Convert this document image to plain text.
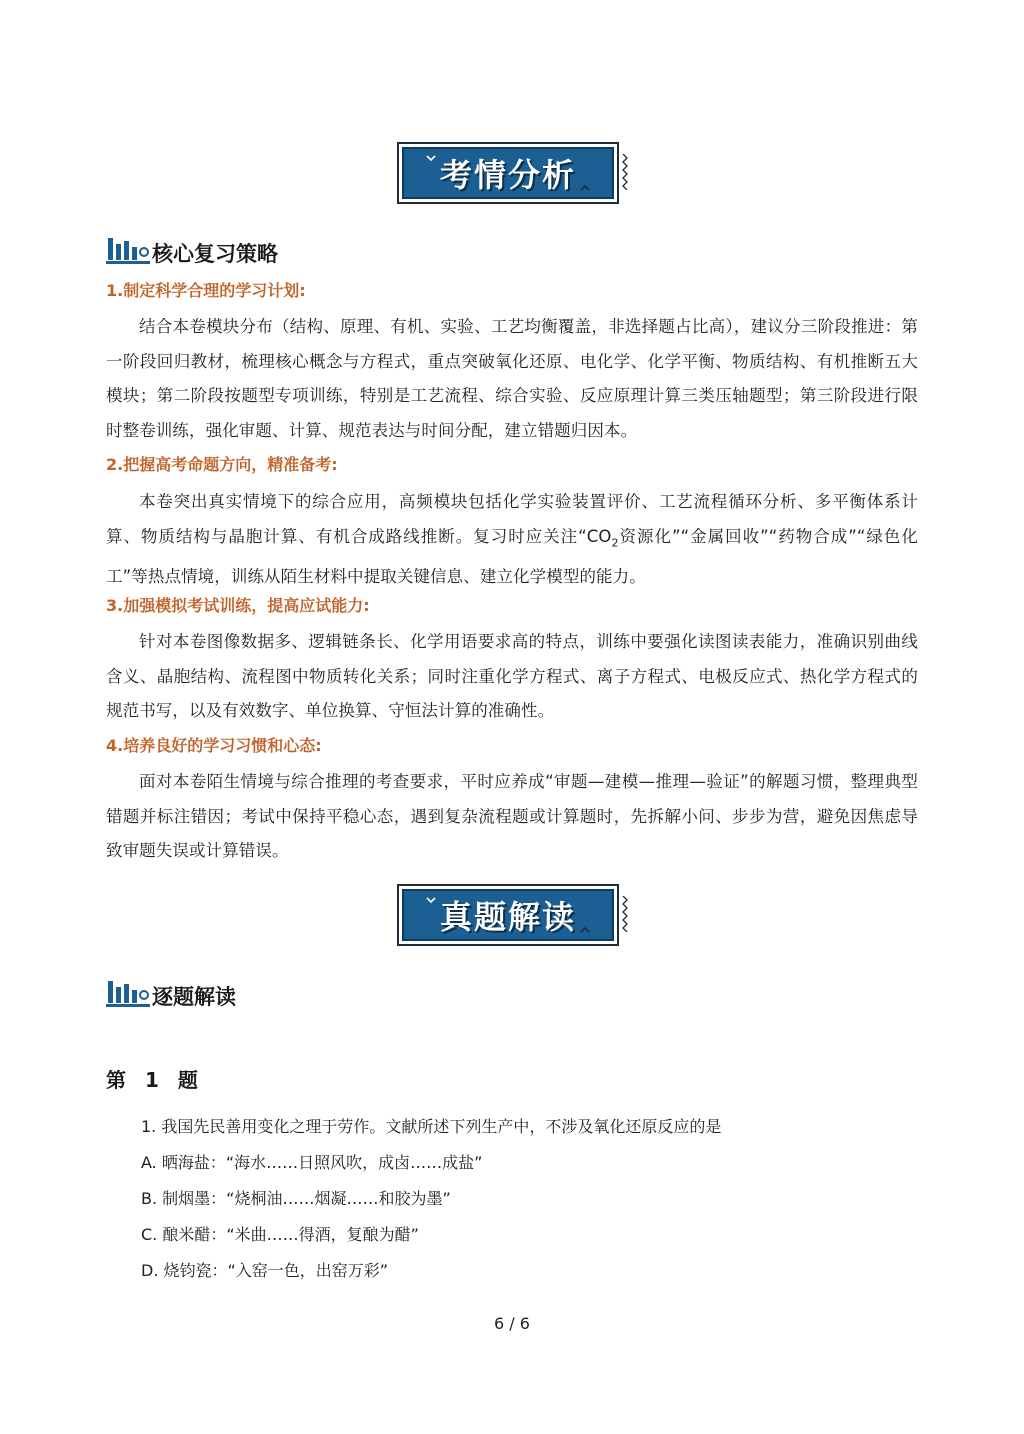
考情分析
核心复习策略
1.制定科学合理的学习计划:
结合本卷模块分布（结构、原理、有机、实验、工艺均衡覆盖，非选择题占比高），建议分三阶段推进：第一阶段回归教材，梳理核心概念与方程式，重点突破氧化还原、电化学、化学平衡、物质结构、有机推断五大模块；第二阶段按题型专项训练，特别是工艺流程、综合实验、反应原理计算三类压轴题型；第三阶段进行限时整卷训练，强化审题、计算、规范表达与时间分配，建立错题归因本。
2.把握高考命题方向，精准备考:
本卷突出真实情境下的综合应用，高频模块包括化学实验装置评价、工艺流程循环分析、多平衡体系计算、物质结构与晶胞计算、有机合成路线推断。复习时应关注“$CO_2$资源化”“金属回收”“药物合成”“绿色化工”等热点情境，训练从陌生材料中提取关键信息、建立化学模型的能力。
3.加强模拟考试训练，提高应试能力:
针对本卷图像数据多、逻辑链条长、化学用语要求高的特点，训练中要强化读图读表能力，准确识别曲线含义、晶胞结构、流程图中物质转化关系；同时注重化学方程式、离子方程式、电极反应式、热化学方程式的规范书写，以及有效数字、单位换算、守恒法计算的准确性。
4.培养良好的学习习惯和心态:
面对本卷陌生情境与综合推理的考查要求，平时应养成“审题—建模—推理—验证”的解题习惯，整理典型错题并标注错因；考试中保持平稳心态，遇到复杂流程题或计算题时，先拆解小问、步步为营，避免因焦虑导致审题失误或计算错误。
真题解读
逐题解读
第 1 题
1. 我国先民善用变化之理于劳作。文献所述下列生产中，不涉及氧化还原反应的是
A. 晒海盐：“海水……日照风吹，成卤……成盐”
B. 制烟墨：“烧桐油……烟凝……和胶为墨”
C. 酿米醋：“米曲……得酒，复酿为醋”
D. 烧钧瓷：“入窑一色，出窑万彩”
6 / 6
